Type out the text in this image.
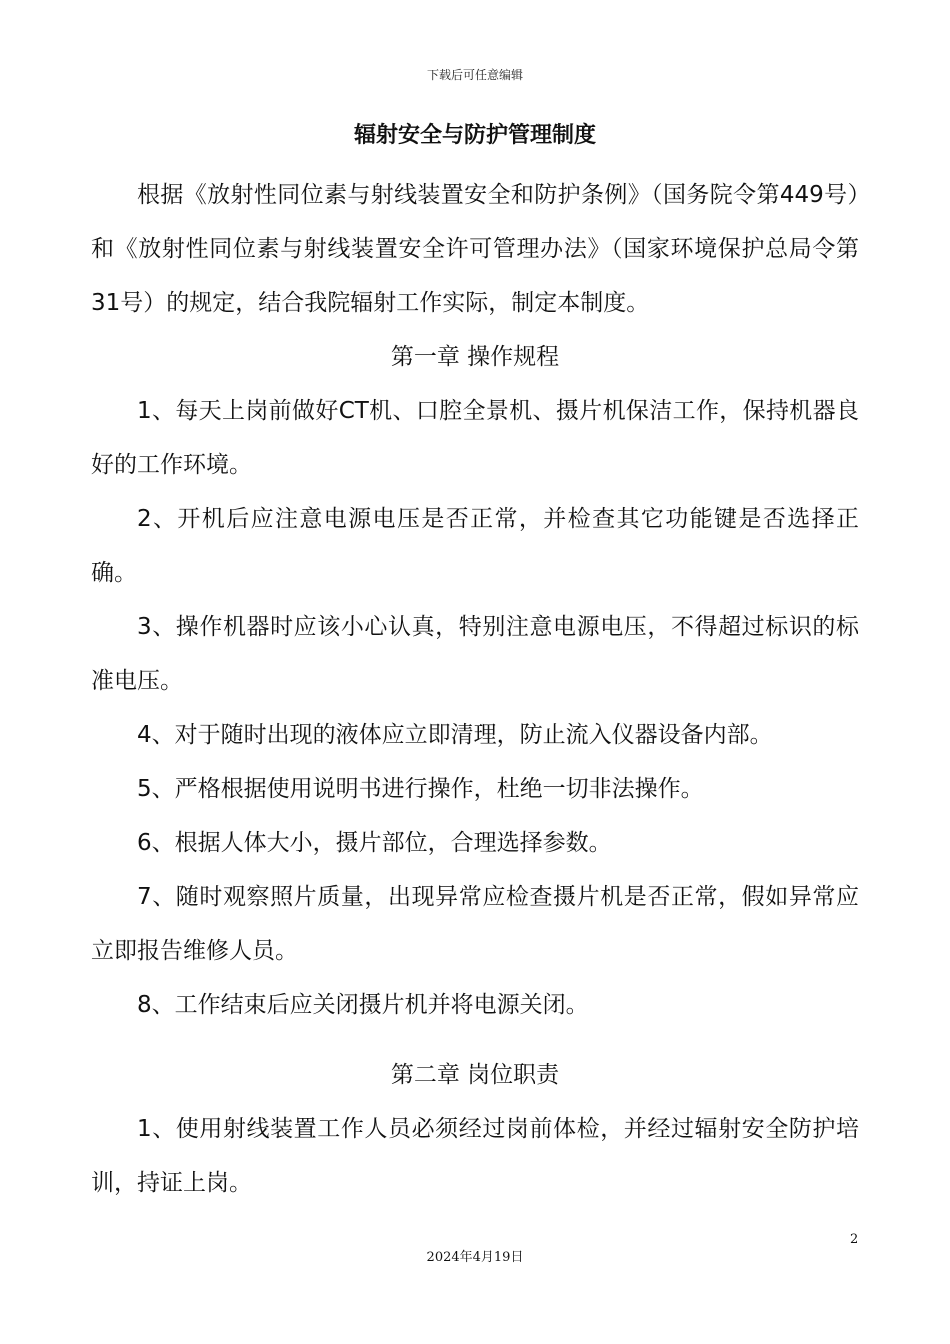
下载后可任意编辑
辐射安全与防护管理制度

根据《放射性同位素与射线装置安全和防护条例》（国务院令第449号）和《放射性同位素与射线装置安全许可管理办法》（国家环境保护总局令第31号）的规定，结合我院辐射工作实际，制定本制度。

第一章 操作规程

1、每天上岗前做好CT机、口腔全景机、摄片机保洁工作，保持机器良好的工作环境。

2、开机后应注意电源电压是否正常，并检查其它功能键是否选择正确。

3、操作机器时应该小心认真，特别注意电源电压，不得超过标识的标准电压。

4、对于随时出现的液体应立即清理，防止流入仪器设备内部。

5、严格根据使用说明书进行操作，杜绝一切非法操作。

6、根据人体大小，摄片部位，合理选择参数。

7、随时观察照片质量，出现异常应检查摄片机是否正常，假如异常应立即报告维修人员。

8、工作结束后应关闭摄片机并将电源关闭。

第二章 岗位职责

1、使用射线装置工作人员必须经过岗前体检，并经过辐射安全防护培训，持证上岗。

2
2024年4月19日
